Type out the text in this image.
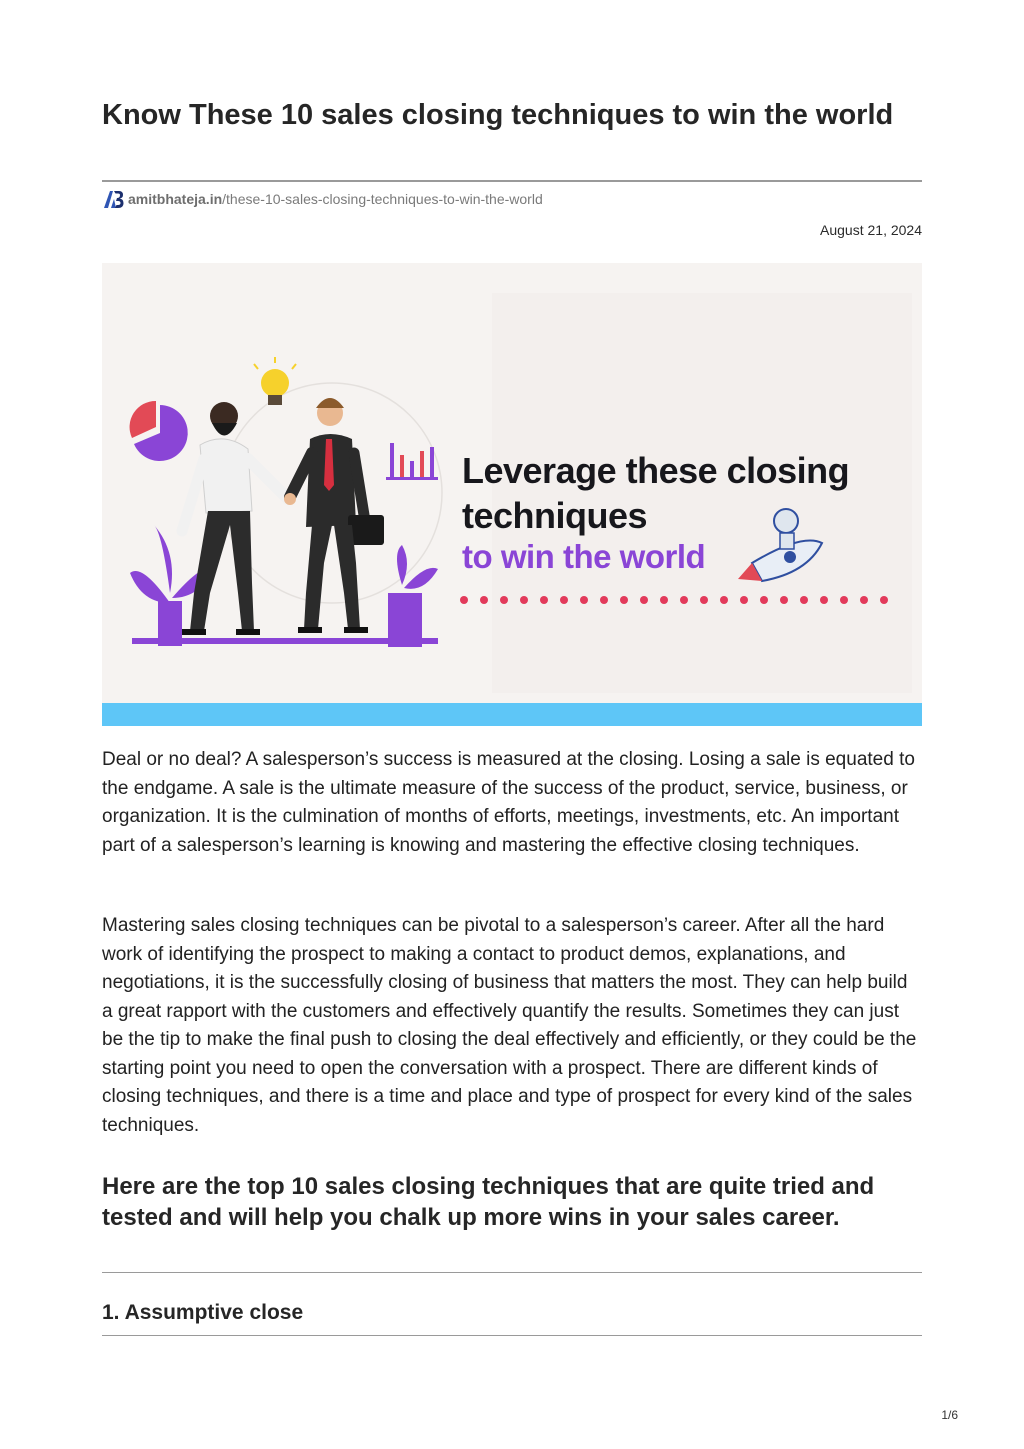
Know These 10 sales closing techniques to win the world
amitbhateja.in/these-10-sales-closing-techniques-to-win-the-world
August 21, 2024
Leverage these closing
techniques
to win the world

Deal or no deal? A salesperson’s success is measured at the closing. Losing a sale is equated to the endgame. A sale is the ultimate measure of the success of the product, service, business, or organization. It is the culmination of months of efforts, meetings, investments, etc. An important part of a salesperson’s learning is knowing and mastering the effective closing techniques.

Mastering sales closing techniques can be pivotal to a salesperson’s career. After all the hard work of identifying the prospect to making a contact to product demos, explanations, and negotiations, it is the successfully closing of business that matters the most. They can help build a great rapport with the customers and effectively quantify the results. Sometimes they can just be the tip to make the final push to closing the deal effectively and efficiently, or they could be the starting point you need to open the conversation with a prospect. There are different kinds of closing techniques, and there is a time and place and type of prospect for every kind of the sales techniques.

Here are the top 10 sales closing techniques that are quite tried and tested and will help you chalk up more wins in your sales career.
1. Assumptive close
1/6
